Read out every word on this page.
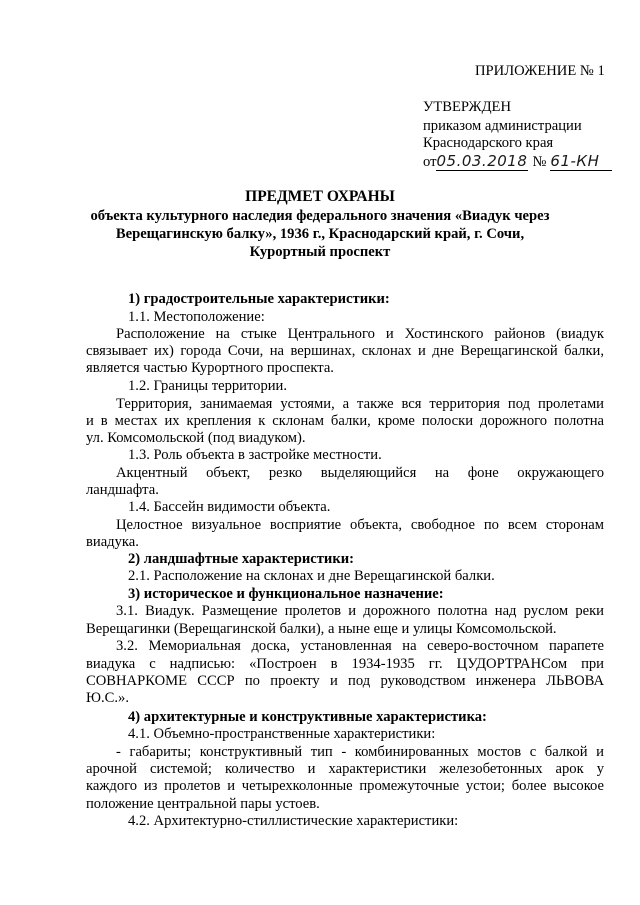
ПРИЛОЖЕНИЕ № 1
УТВЕРЖДЕН
приказом администрации
Краснодарского края
от05.03.2018 № 61-КН
ПРЕДМЕТ ОХРАНЫ
объекта культурного наследия федерального значения «Виадук через
Верещагинскую балку», 1936 г., Краснодарский край, г. Сочи,
Курортный проспект
1) градостроительные характеристики:
1.1. Местоположение:
Расположение на стыке Центрального и Хостинского районов (виадук
связывает их) города Сочи, на вершинах, склонах и дне Верещагинской балки,
является частью Курортного проспекта.
1.2. Границы территории.
Территория, занимаемая устоями, а также вся территория под пролетами
и в местах их крепления к склонам балки, кроме полоски дорожного полотна
ул. Комсомольской (под виадуком).
1.3. Роль объекта в застройке местности.
Акцентный объект, резко выделяющийся на фоне окружающего
ландшафта.
1.4. Бассейн видимости объекта.
Целостное визуальное восприятие объекта, свободное по всем сторонам
виадука.
2) ландшафтные характеристики:
2.1. Расположение на склонах и дне Верещагинской балки.
3) историческое и функциональное назначение:
3.1. Виадук. Размещение пролетов и дорожного полотна над руслом реки
Верещагинки (Верещагинской балки), а ныне еще и улицы Комсомольской.
3.2. Мемориальная доска, установленная на северо-восточном парапете
виадука с надписью: «Построен в 1934-1935 гг. ЦУДОРТРАНСом при
СОВНАРКОМЕ СССР по проекту и под руководством инженера ЛЬВОВА
Ю.С.».
4) архитектурные и конструктивные характеристика:
4.1. Объемно-пространственные характеристики:
- габариты; конструктивный тип - комбинированных мостов с балкой и
арочной системой; количество и характеристики железобетонных арок у
каждого из пролетов и четырехколонные промежуточные устои; более высокое
положение центральной пары устоев.
4.2. Архитектурно-стиллистические характеристики:
